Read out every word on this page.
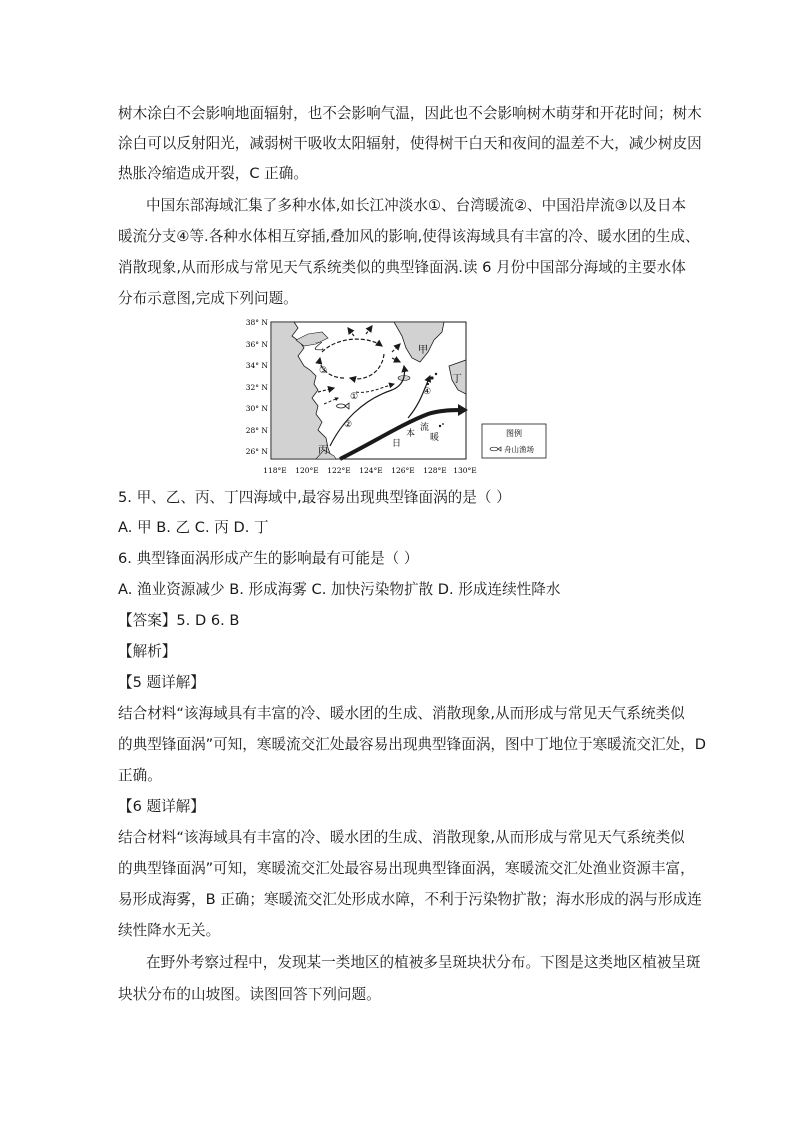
树木涂白不会影响地面辐射，也不会影响气温，因此也不会影响树木萌芽和开花时间；树木
涂白可以反射阳光，减弱树干吸收太阳辐射，使得树干白天和夜间的温差不大，减少树皮因
热胀冷缩造成开裂，C 正确。
中国东部海域汇集了多种水体,如长江冲淡水①、台湾暖流②、中国沿岸流③以及日本
暖流分支④等.各种水体相互穿插,叠加风的影响,使得该海域具有丰富的冷、暖水团的生成、
消散现象,从而形成与常见天气系统类似的典型锋面涡.读 6 月份中国部分海域的主要水体
分布示意图,完成下列问题。
乙	甲
丙
丁
①
②
③
④
日
本
流
暖
38° N
36° N
34° N
32° N
30° N
28° N
26° N
118°E 120°E 122°E 124°E 126°E 128°E 130°E
图例
舟山渔场
5. 甲、乙、丙、丁四海域中,最容易出现典型锋面涡的是（ ）
A. 甲 B. 乙 C. 丙 D. 丁
6. 典型锋面涡形成产生的影响最有可能是（ ）
A. 渔业资源减少 B. 形成海雾 C. 加快污染物扩散 D. 形成连续性降水
【答案】5. D 6. B
【解析】
【5 题详解】
结合材料“该海域具有丰富的冷、暖水团的生成、消散现象,从而形成与常见天气系统类似
的典型锋面涡”可知，寒暖流交汇处最容易出现典型锋面涡，图中丁地位于寒暖流交汇处，D
正确。
【6 题详解】
结合材料“该海域具有丰富的冷、暖水团的生成、消散现象,从而形成与常见天气系统类似
的典型锋面涡”可知，寒暖流交汇处最容易出现典型锋面涡，寒暖流交汇处渔业资源丰富，
易形成海雾，B 正确；寒暖流交汇处形成水障，不利于污染物扩散；海水形成的涡与形成连
续性降水无关。
在野外考察过程中，发现某一类地区的植被多呈斑块状分布。下图是这类地区植被呈斑
块状分布的山坡图。读图回答下列问题。
